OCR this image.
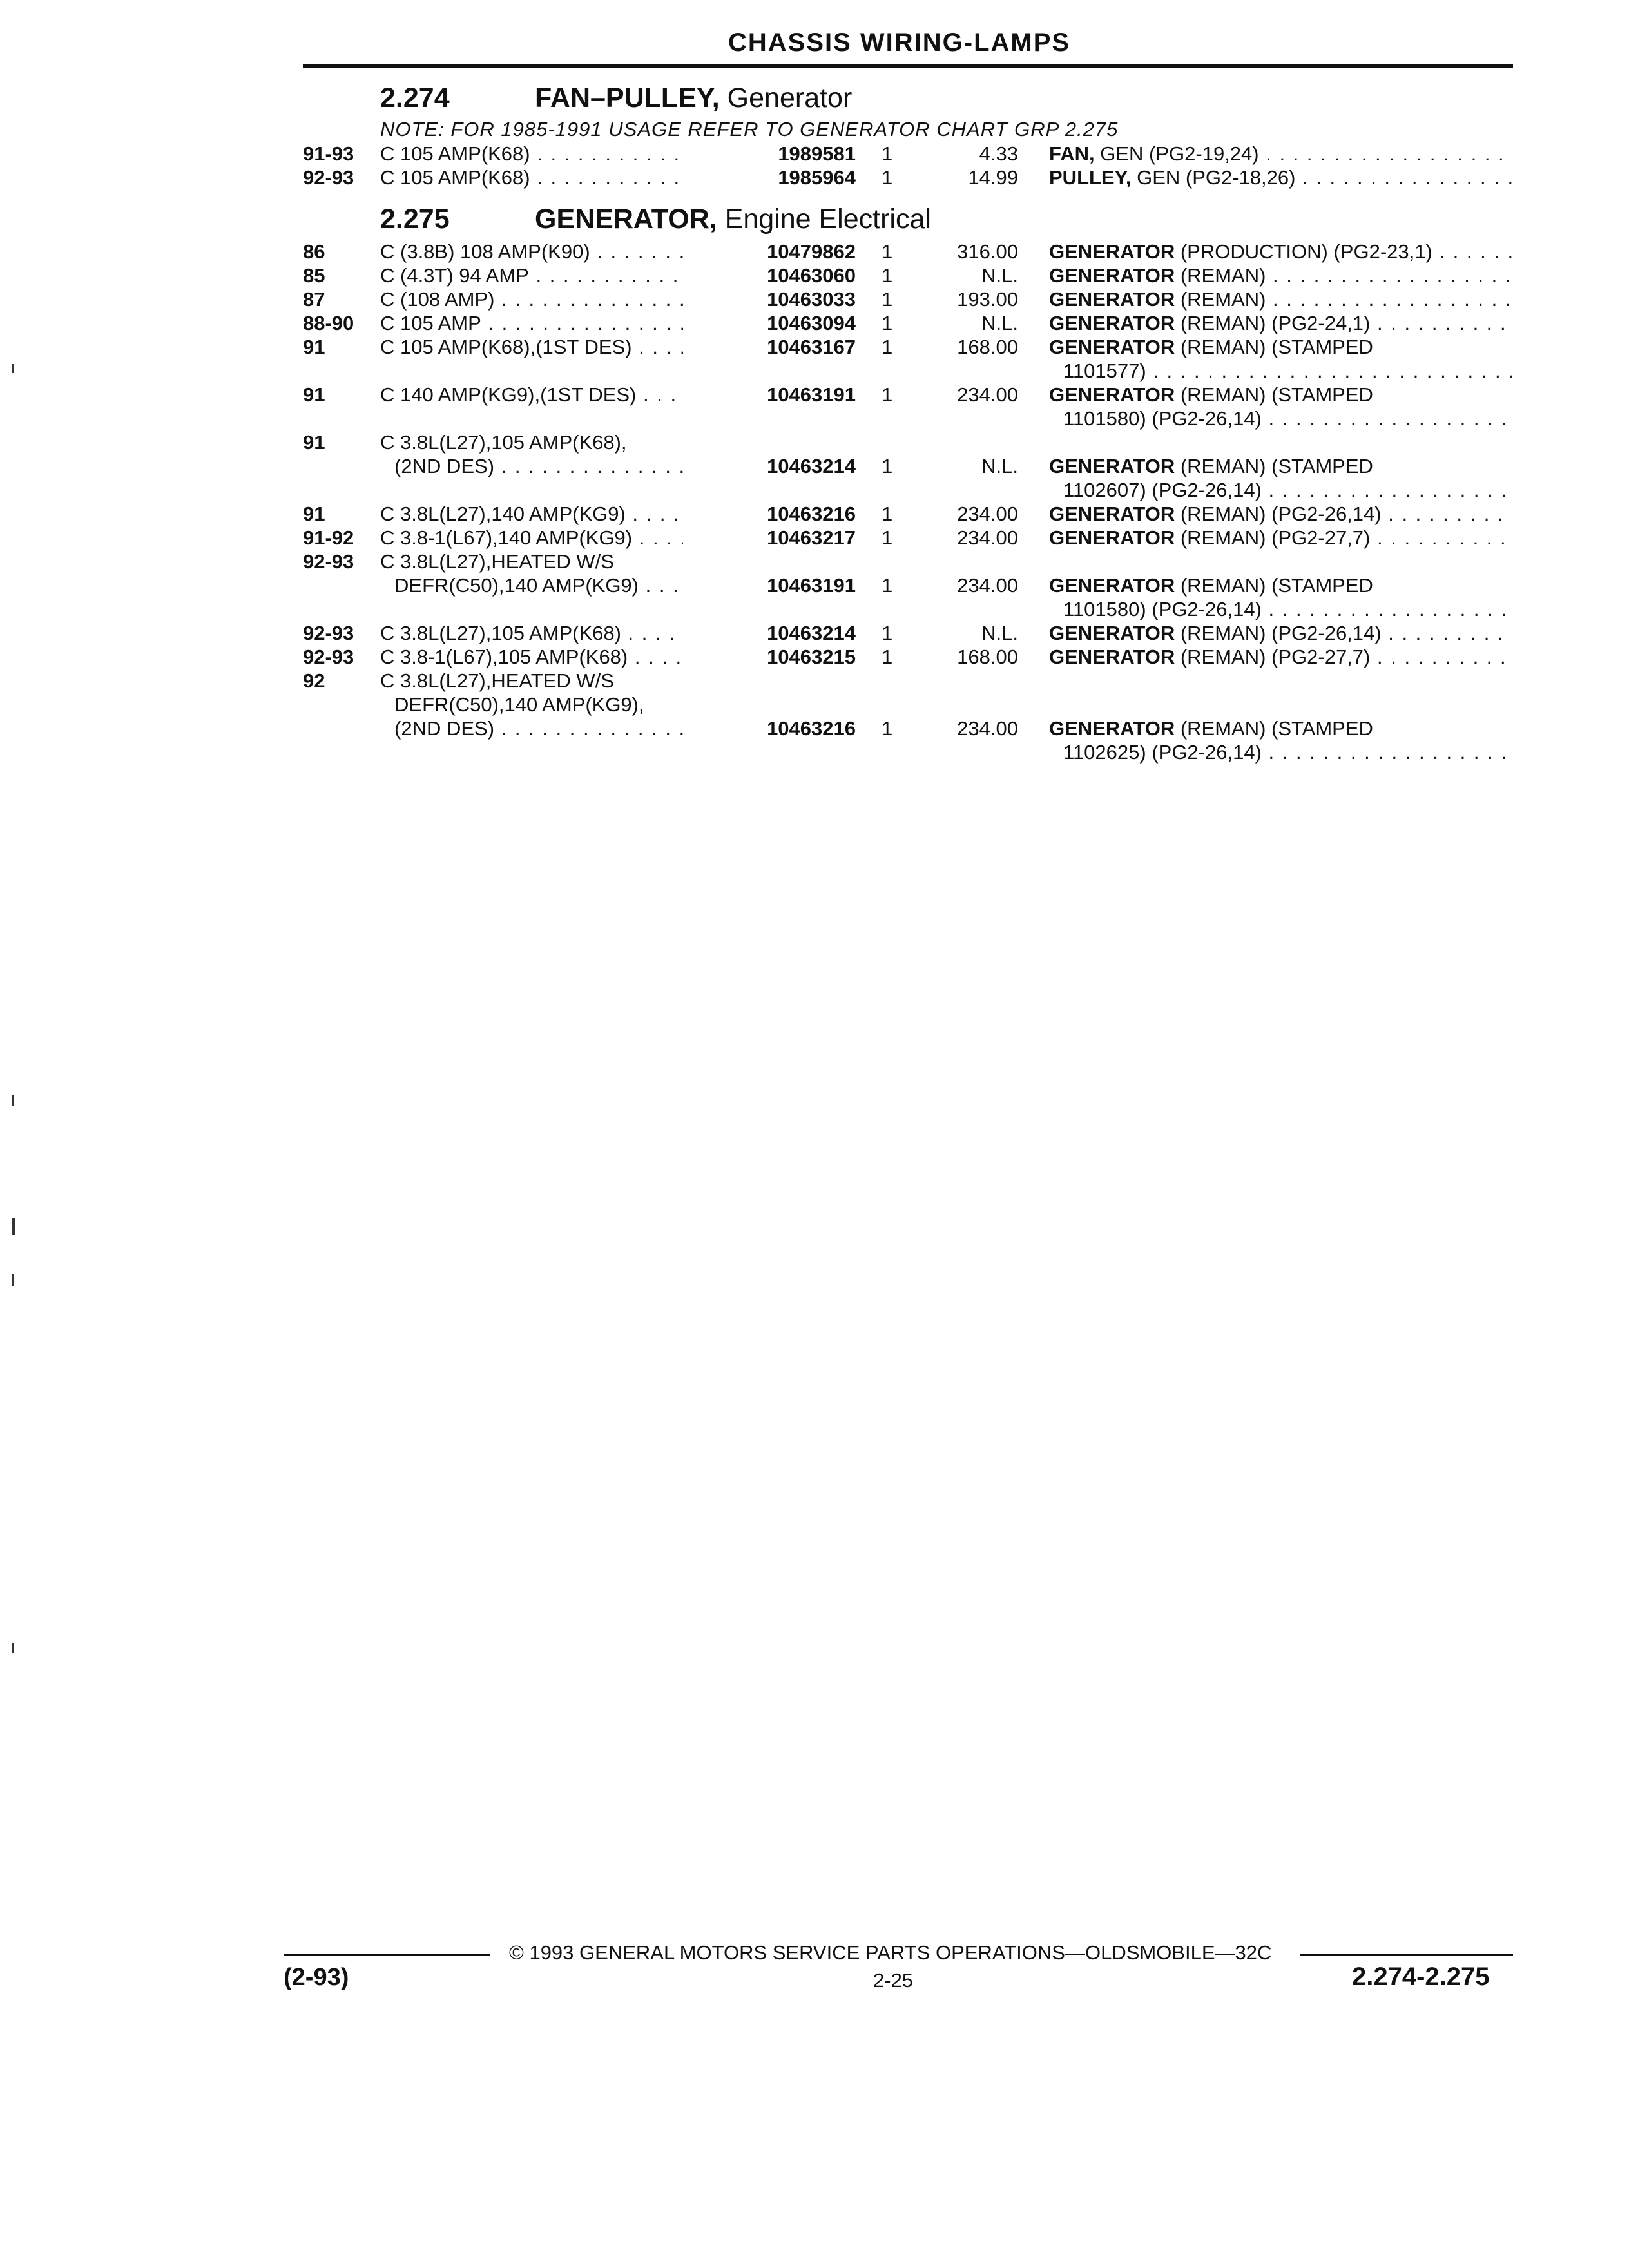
CHASSIS WIRING-LAMPS
2.274	FAN–PULLEY, Generator
NOTE: FOR 1985-1991 USAGE REFER TO GENERATOR CHART GRP 2.275
91-93 C 105 AMP(K68) . . .	1989581 1	4.33 FAN, GEN (PG2-19,24) . . .
92-93 C 105 AMP(K68) . . .	1985964 1	14.99 PULLEY, GEN (PG2-18,26) . . .
2.275	GENERATOR, Engine Electrical
86	C (3.8B) 108 AMP(K90) . . .	10479862 1	316.00 GENERATOR (PRODUCTION) (PG2-23,1) . . .
85	C (4.3T) 94 AMP . . .	10463060 1	N.L. GENERATOR (REMAN) . . .
87	C (108 AMP) . . .	10463033 1	193.00 GENERATOR (REMAN) . . .
88-90 C 105 AMP . . .	10463094 1	N.L. GENERATOR (REMAN) (PG2-24,1) . . .
91	C 105 AMP(K68),(1ST DES) . . .	10463167 1	168.00 GENERATOR (REMAN) (STAMPED
1101577) . . .
91	C 140 AMP(KG9),(1ST DES) . . .	10463191 1	234.00 GENERATOR (REMAN) (STAMPED
1101580) (PG2-26,14) . . .
91	C 3.8L(L27),105 AMP(K68),
(2ND DES) . . .	10463214 1	N.L. GENERATOR (REMAN) (STAMPED
1102607) (PG2-26,14) . . .
91	C 3.8L(L27),140 AMP(KG9) . . .	10463216 1	234.00 GENERATOR (REMAN) (PG2-26,14) . . .
91-92 C 3.8-1(L67),140 AMP(KG9) . . .	10463217 1	234.00 GENERATOR (REMAN) (PG2-27,7) . . .
92-93 C 3.8L(L27),HEATED W/S
DEFR(C50),140 AMP(KG9) . . .	10463191 1	234.00 GENERATOR (REMAN) (STAMPED
1101580) (PG2-26,14) . . .
92-93 C 3.8L(L27),105 AMP(K68) . . .	10463214 1	N.L. GENERATOR (REMAN) (PG2-26,14) . . .
92-93 C 3.8-1(L67),105 AMP(K68) . . .	10463215 1	168.00 GENERATOR (REMAN) (PG2-27,7) . . .
92	C 3.8L(L27),HEATED W/S
DEFR(C50),140 AMP(KG9),
(2ND DES) . . .	10463216 1	234.00 GENERATOR (REMAN) (STAMPED
1102625) (PG2-26,14) . . .
© 1993 GENERAL MOTORS SERVICE PARTS OPERATIONS—OLDSMOBILE—32C
(2-93)	2-25	2.274-2.275
